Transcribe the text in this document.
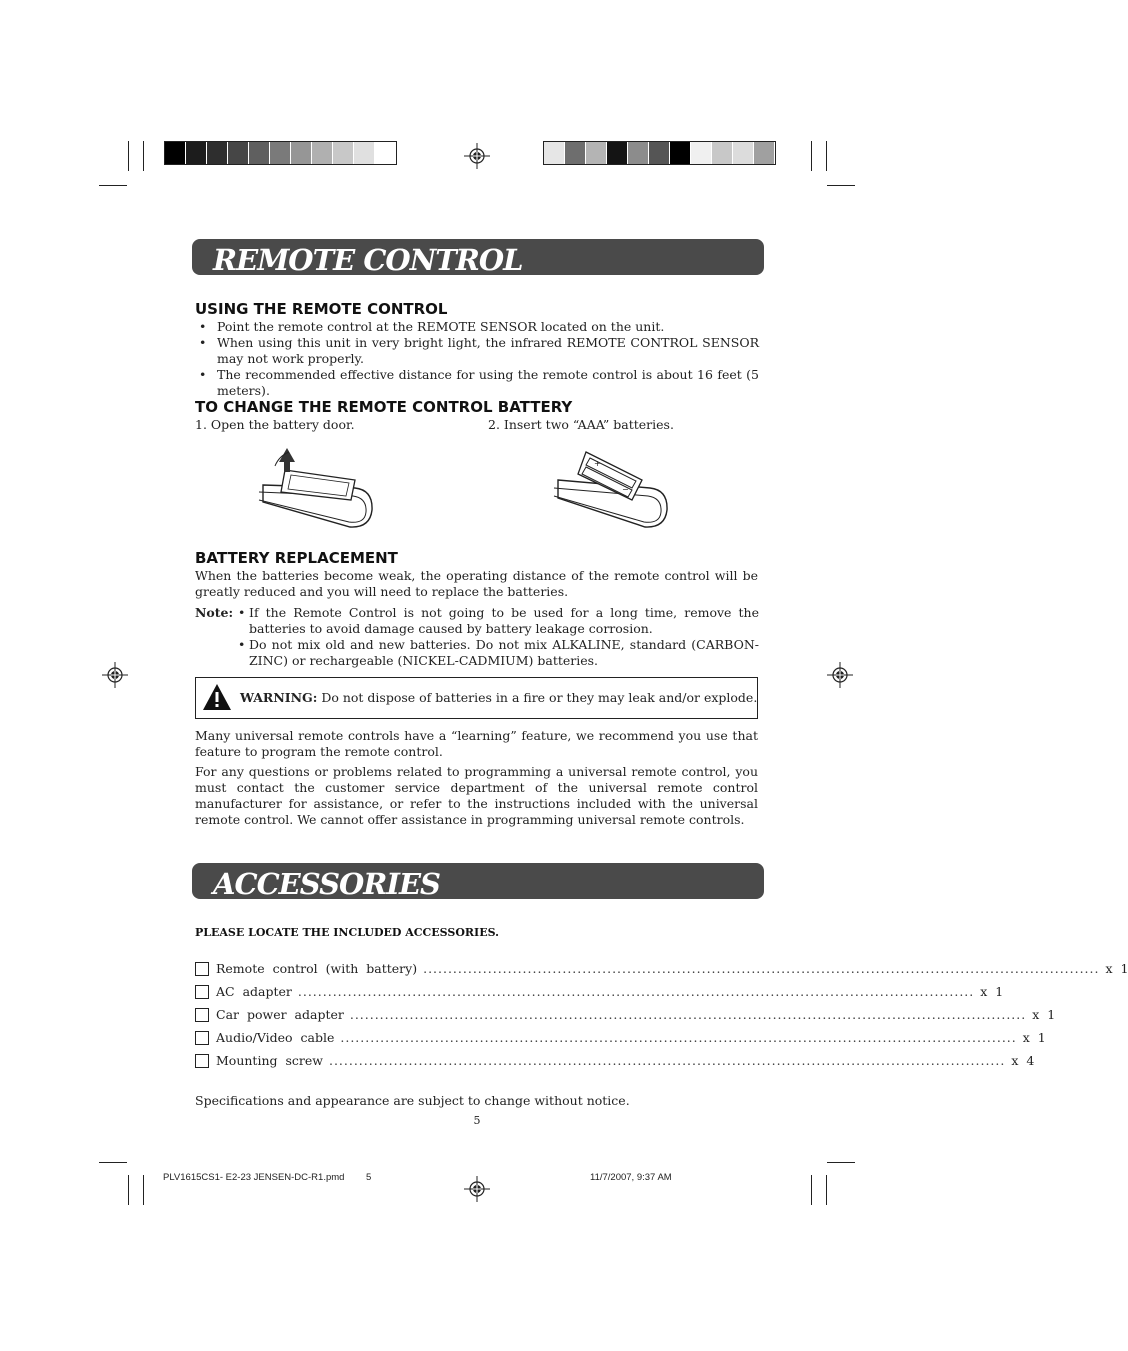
REMOTE CONTROL
USING THE REMOTE CONTROL
• Point the remote control at the REMOTE SENSOR located on the unit.
• When using this unit in very bright light, the infrared REMOTE CONTROL SENSOR may not work properly.
• The recommended effective distance for using the remote control is about 16 feet (5 meters).
TO CHANGE THE REMOTE CONTROL BATTERY
1. Open the battery door.	2. Insert two “AAA” batteries.
+
−
BATTERY REPLACEMENT

When the batteries become weak, the operating distance of the remote control will be greatly reduced and you will need to replace the batteries.

Note: • If the Remote Control is not going to be used for a long time, remove the batteries to avoid damage caused by battery leakage corrosion.
• Do not mix old and new batteries. Do not mix ALKALINE, standard (CARBON-ZINC) or rechargeable (NICKEL-CADMIUM) batteries.
WARNING: Do not dispose of batteries in a fire or they may leak and/or explode.

Many universal remote controls have a “learning” feature, we recommend you use that feature to program the remote control.

For any questions or problems related to programming a universal remote control, you must contact the customer service department of the universal remote control manufacturer for assistance, or refer to the instructions included with the universal remote control. We cannot offer assistance in programming universal remote controls.

ACCESSORIES
PLEASE LOCATE THE INCLUDED ACCESSORIES.
Remote control (with battery) ........................................................................................................................................ x 1
AC adapter ........................................................................................................................................ x 1
Car power adapter ........................................................................................................................................ x 1
Audio/Video cable ........................................................................................................................................ x 1
Mounting screw ........................................................................................................................................ x 4
Specifications and appearance are subject to change without notice.
5
PLV1615CS1- E2-23 JENSEN-DC-R1.pmd 5	11/7/2007, 9:37 AM
